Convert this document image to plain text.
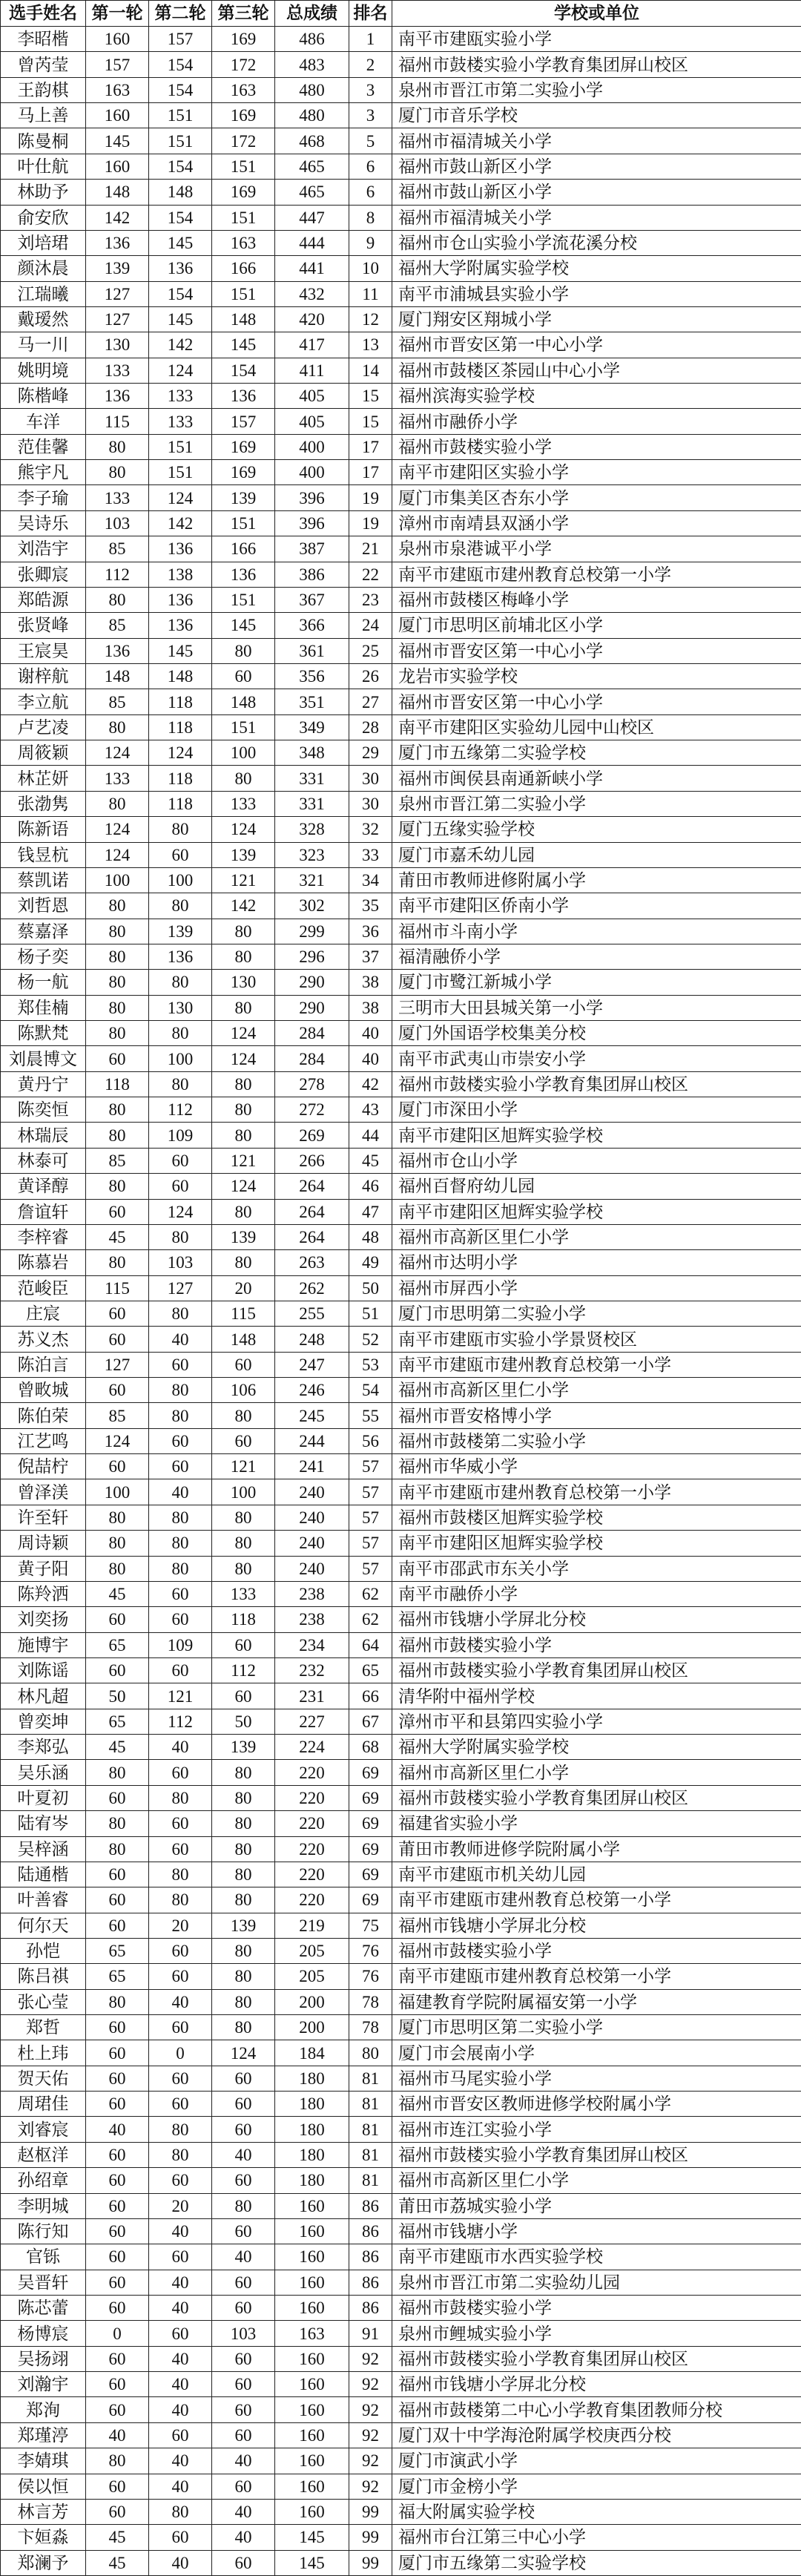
选手姓名	第一轮	第二轮	第三轮	总成绩	排名	学校或单位
李昭楷	160	157	169	486	1	南平市建瓯实验小学
曾芮莹	157	154	172	483	2	福州市鼓楼实验小学教育集团屏山校区
王韵棋	163	154	163	480	3	泉州市晋江市第二实验小学
马上善	160	151	169	480	3	厦门市音乐学校
陈曼桐	145	151	172	468	5	福州市福清城关小学
叶仕航	160	154	151	465	6	福州市鼓山新区小学
林助予	148	148	169	465	6	福州市鼓山新区小学
俞安欣	142	154	151	447	8	福州市福清城关小学
刘培珺	136	145	163	444	9	福州市仓山实验小学流花溪分校
颜沐晨	139	136	166	441	10	福州大学附属实验学校
江瑞曦	127	154	151	432	11	南平市浦城县实验小学
戴瑷然	127	145	148	420	12	厦门翔安区翔城小学
马一川	130	142	145	417	13	福州市晋安区第一中心小学
姚明境	133	124	154	411	14	福州市鼓楼区茶园山中心小学
陈楷峰	136	133	136	405	15	福州滨海实验学校
车洋	115	133	157	405	15	福州市融侨小学
范佳馨	80	151	169	400	17	福州市鼓楼实验小学
熊宇凡	80	151	169	400	17	南平市建阳区实验小学
李子瑜	133	124	139	396	19	厦门市集美区杏东小学
吴诗乐	103	142	151	396	19	漳州市南靖县双涵小学
刘浩宇	85	136	166	387	21	泉州市泉港诚平小学
张卿宸	112	138	136	386	22	南平市建瓯市建州教育总校第一小学
郑皓源	80	136	151	367	23	福州市鼓楼区梅峰小学
张贤峰	85	136	145	366	24	厦门市思明区前埔北区小学
王宸昊	136	145	80	361	25	福州市晋安区第一中心小学
谢梓航	148	148	60	356	26	龙岩市实验学校
李立航	85	118	148	351	27	福州市晋安区第一中心小学
卢艺凌	80	118	151	349	28	南平市建阳区实验幼儿园中山校区
周筱颖	124	124	100	348	29	厦门市五缘第二实验学校
林芷妍	133	118	80	331	30	福州市闽侯县南通新峡小学
张渤隽	80	118	133	331	30	泉州市晋江第二实验小学
陈新语	124	80	124	328	32	厦门五缘实验学校
钱昱杭	124	60	139	323	33	厦门市嘉禾幼儿园
蔡凯诺	100	100	121	321	34	莆田市教师进修附属小学
刘哲恩	80	80	142	302	35	南平市建阳区侨南小学
蔡嘉泽	80	139	80	299	36	福州市斗南小学
杨子奕	80	136	80	296	37	福清融侨小学
杨一航	80	80	130	290	38	厦门市鹭江新城小学
郑佳楠	80	130	80	290	38	三明市大田县城关第一小学
陈默梵	80	80	124	284	40	厦门外国语学校集美分校
刘晨博文	60	100	124	284	40	南平市武夷山市崇安小学
黄丹宁	118	80	80	278	42	福州市鼓楼实验小学教育集团屏山校区
陈奕恒	80	112	80	272	43	厦门市深田小学
林瑞辰	80	109	80	269	44	南平市建阳区旭辉实验学校
林泰可	85	60	121	266	45	福州市仓山小学
黄译醇	80	60	124	264	46	福州百督府幼儿园
詹谊轩	60	124	80	264	47	南平市建阳区旭辉实验学校
李梓睿	45	80	139	264	48	福州市高新区里仁小学
陈慕岩	80	103	80	263	49	福州市达明小学
范峻臣	115	127	20	262	50	福州市屏西小学
庄宸	60	80	115	255	51	厦门市思明第二实验小学
苏义杰	60	40	148	248	52	南平市建瓯市实验小学景贤校区
陈泊言	127	60	60	247	53	南平市建瓯市建州教育总校第一小学
曾畋城	60	80	106	246	54	福州市高新区里仁小学
陈伯荣	85	80	80	245	55	福州市晋安格博小学
江艺鸣	124	60	60	244	56	福州市鼓楼第二实验小学
倪喆柠	60	60	121	241	57	福州市华威小学
曾泽渼	100	40	100	240	57	南平市建瓯市建州教育总校第一小学
许至轩	80	80	80	240	57	福州市鼓楼区旭辉实验学校
周诗颖	80	80	80	240	57	南平市建阳区旭辉实验学校
黄子阳	80	80	80	240	57	南平市邵武市东关小学
陈羚洒	45	60	133	238	62	南平市融侨小学
刘奕扬	60	60	118	238	62	福州市钱塘小学屏北分校
施博宇	65	109	60	234	64	福州市鼓楼实验小学
刘陈谣	60	60	112	232	65	福州市鼓楼实验小学教育集团屏山校区
林凡超	50	121	60	231	66	清华附中福州学校
曾奕坤	65	112	50	227	67	漳州市平和县第四实验小学
李郑弘	45	40	139	224	68	福州大学附属实验学校
吴乐涵	80	60	80	220	69	福州市高新区里仁小学
叶夏初	60	80	80	220	69	福州市鼓楼实验小学教育集团屏山校区
陆宥岑	80	60	80	220	69	福建省实验小学
吴梓涵	80	60	80	220	69	莆田市教师进修学院附属小学
陆通楷	60	80	80	220	69	南平市建瓯市机关幼儿园
叶善睿	60	80	80	220	69	南平市建瓯市建州教育总校第一小学
何尔天	60	20	139	219	75	福州市钱塘小学屏北分校
孙恺	65	60	80	205	76	福州市鼓楼实验小学
陈吕祺	65	60	80	205	76	南平市建瓯市建州教育总校第一小学
张心莹	80	40	80	200	78	福建教育学院附属福安第一小学
郑哲	60	60	80	200	78	厦门市思明区第二实验小学
杜上玮	60	0	124	184	80	厦门市会展南小学
贺天佑	60	60	60	180	81	福州市马尾实验小学
周珺佳	60	60	60	180	81	福州市晋安区教师进修学校附属小学
刘睿宸	40	80	60	180	81	福州市连江实验小学
赵枢洋	60	80	40	180	81	福州市鼓楼实验小学教育集团屏山校区
孙绍章	60	60	60	180	81	福州市高新区里仁小学
李明城	60	20	80	160	86	莆田市荔城实验小学
陈行知	60	40	60	160	86	福州市钱塘小学
官铄	60	60	40	160	86	南平市建瓯市水西实验学校
吴晋轩	60	40	60	160	86	泉州市晋江市第二实验幼儿园
陈芯蕾	60	40	60	160	86	福州市鼓楼实验小学
杨博宸	0	60	103	163	91	泉州市鲤城实验小学
吴扬翊	60	40	60	160	92	福州市鼓楼实验小学教育集团屏山校区
刘瀚宇	60	40	60	160	92	福州市钱塘小学屏北分校
郑洵	60	40	60	160	92	福州市鼓楼第二中心小学教育集团教师分校
郑瑾渟	40	60	60	160	92	厦门双十中学海沧附属学校庚西分校
李婧琪	80	40	40	160	92	厦门市演武小学
侯以恒	60	40	60	160	92	厦门市金榜小学
林言芳	60	80	40	160	99	福大附属实验学校
卞姮淼	45	60	40	145	99	福州市台江第三中心小学
郑澜予	45	40	60	145	99	厦门市五缘第二实验学校
